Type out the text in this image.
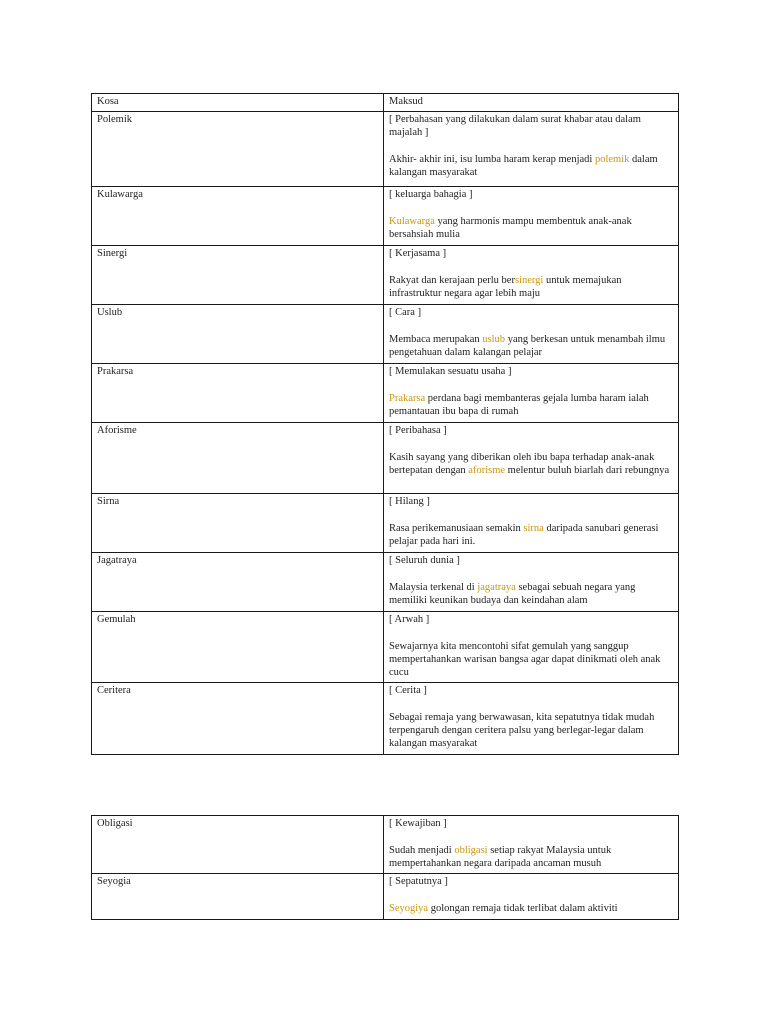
Kosa	Maksud
Polemik	[ Perbahasan yang dilakukan dalam surat khabar atau dalam majalah ]
Akhir- akhir ini, isu lumba haram kerap menjadi polemik dalam kalangan masyarakat

Kulawarga	[ keluarga bahagia ]
Kulawarga yang harmonis mampu membentuk anak-anak bersahsiah mulia

Sinergi	[ Kerjasama ]
Rakyat dan kerajaan perlu bersinergi untuk memajukan infrastruktur negara agar lebih maju

Uslub	[ Cara ]
Membaca merupakan uslub yang berkesan untuk menambah ilmu pengetahuan dalam kalangan pelajar

Prakarsa	[ Memulakan sesuatu usaha ]
Prakarsa perdana bagi membanteras gejala lumba haram ialah pemantauan ibu bapa di rumah

Aforisme	[ Peribahasa ]
Kasih sayang yang diberikan oleh ibu bapa terhadap anak-anak bertepatan dengan aforisme melentur buluh biarlah dari rebungnya

Sirna	[ Hilang ]
Rasa perikemanusiaan semakin sirna daripada sanubari generasi pelajar pada hari ini.

Jagatraya	[ Seluruh dunia ]
Malaysia terkenal di jagatraya sebagai sebuah negara yang memiliki keunikan budaya dan keindahan alam

Gemulah	[ Arwah ]
Sewajarnya kita mencontohi sifat gemulah yang sanggup mempertahankan warisan bangsa agar dapat dinikmati oleh anak cucu

Ceritera	[ Cerita ]
Sebagai remaja yang berwawasan, kita sepatutnya tidak mudah terpengaruh dengan ceritera palsu yang berlegar-legar dalam kalangan masyarakat
Obligasi	[ Kewajiban ]
Sudah menjadi obligasi setiap rakyat Malaysia untuk mempertahankan negara daripada ancaman musuh

Seyogia	[ Sepatutnya ]
Seyogiya golongan remaja tidak terlibat dalam aktiviti
